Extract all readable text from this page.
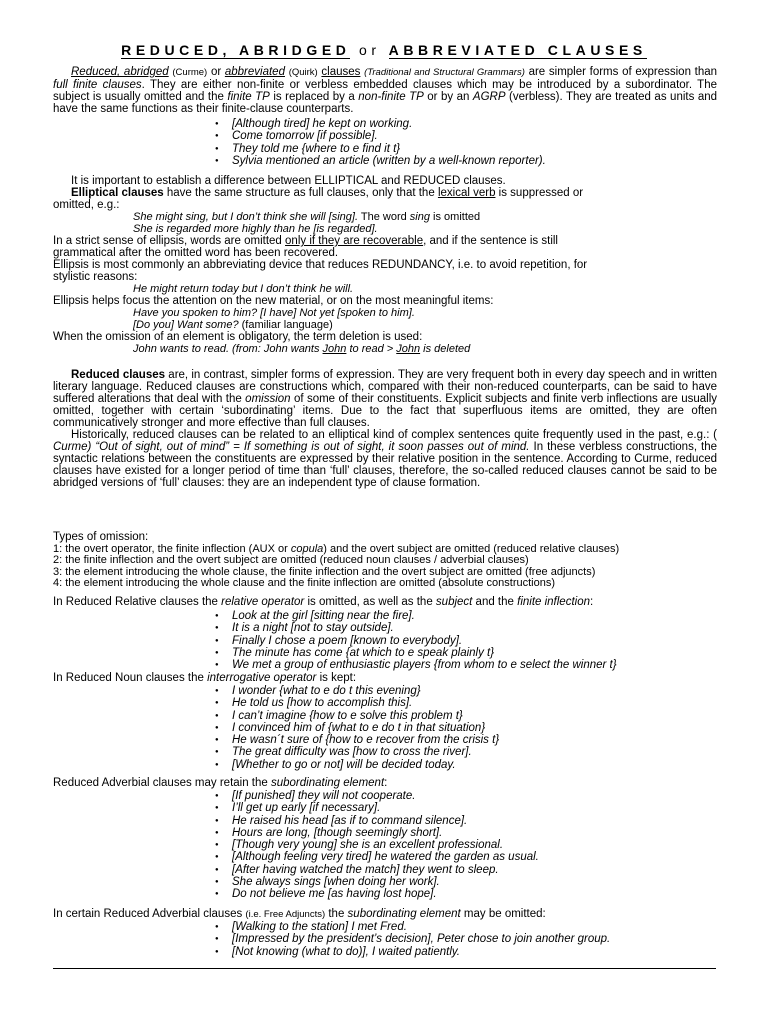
REDUCED, ABRIDGED or ABBREVIATED CLAUSES

Reduced, abridged (Curme) or abbreviated (Quirk) clauses (Traditional and Structural Grammars) are simpler forms of expression than full finite clauses. They are either non-finite or verbless embedded clauses which may be introduced by a subordinator. The subject is usually omitted and the finite TP is replaced by a non-finite TP or by an AGRP (verbless). They are treated as units and have the same functions as their finite-clause counterparts.

● [Although tired] he kept on working.
● Come tomorrow [if possible].
● They told me {where to e find it t}
● Sylvia mentioned an article (written by a well-known reporter).

It is important to establish a difference between ELLIPTICAL and REDUCED clauses.

Elliptical clauses have the same structure as full clauses, only that the lexical verb is suppressed or

omitted, e.g.:

She might sing, but I don’t think she will [sing]. The word sing is omitted

She is regarded more highly than he [is regarded].

In a strict sense of ellipsis, words are omitted only if they are recoverable, and if the sentence is still

grammatical after the omitted word has been recovered.

Ellipsis is most commonly an abbreviating device that reduces REDUNDANCY, i.e. to avoid repetition, for

stylistic reasons:

He might return today but I don’t think he will.

Ellipsis helps focus the attention on the new material, or on the most meaningful items:

Have you spoken to him? [I have] Not yet [spoken to him].

[Do you] Want some? (familiar language)

When the omission of an element is obligatory, the term deletion is used:

John wants to read. (from: John wants John to read > John is deleted

Reduced clauses are, in contrast, simpler forms of expression. They are very frequent both in every day speech and in written literary language. Reduced clauses are constructions which, compared with their non-reduced counterparts, can be said to have suffered alterations that deal with the omission of some of their constituents. Explicit subjects and finite verb inflections are usually omitted, together with certain ‘subordinating’ items. Due to the fact that superfluous items are omitted, they are often communicatively stronger and more effective than full clauses.

Historically, reduced clauses can be related to an elliptical kind of complex sentences quite frequently used in the past, e.g.: ( Curme) “Out of sight, out of mind” = If something is out of sight, it soon passes out of mind. In these verbless constructions, the syntactic relations between the constituents are expressed by their relative position in the sentence. According to Curme, reduced clauses have existed for a longer period of time than ‘full’ clauses, therefore, the so-called reduced clauses cannot be said to be abridged versions of ‘full’ clauses: they are an independent type of clause formation.

Types of omission:

1: the overt operator, the finite inflection (AUX or copula) and the overt subject are omitted (reduced relative clauses)

2: the finite inflection and the overt subject are omitted (reduced noun clauses / adverbial clauses)

3: the element introducing the whole clause, the finite inflection and the overt subject are omitted (free adjuncts)

4: the element introducing the whole clause and the finite inflection are omitted (absolute constructions)

In Reduced Relative clauses the relative operator is omitted, as well as the subject and the finite inflection:

● Look at the girl [sitting near the fire].
● It is a night [not to stay outside].
● Finally I chose a poem [known to everybody].
● The minute has come {at which to e speak plainly t}
● We met a group of enthusiastic players {from whom to e select the winner t}

In Reduced Noun clauses the interrogative operator is kept:

● I wonder {what to e do t this evening}
● He told us [how to accomplish this].
● I can’t imagine {how to e solve this problem t}
● I convinced him of {what to e do t in that situation}
● He wasn´t sure of {how to e recover from the crisis t}
● The great difficulty was [how to cross the river].
● [Whether to go or not] will be decided today.

Reduced Adverbial clauses may retain the subordinating element:

● [If punished] they will not cooperate.
● I’ll get up early [if necessary].
● He raised his head [as if to command silence].
● Hours are long, [though seemingly short].
● [Though very young] she is an excellent professional.
● [Although feeling very tired] he watered the garden as usual.
● [After having watched the match] they went to sleep.
● She always sings [when doing her work].
● Do not believe me [as having lost hope].

In certain Reduced Adverbial clauses (i.e. Free Adjuncts) the subordinating element may be omitted:

● [Walking to the station] I met Fred.
● [Impressed by the president’s decision], Peter chose to join another group.
● [Not knowing (what to do)], I waited patiently.
